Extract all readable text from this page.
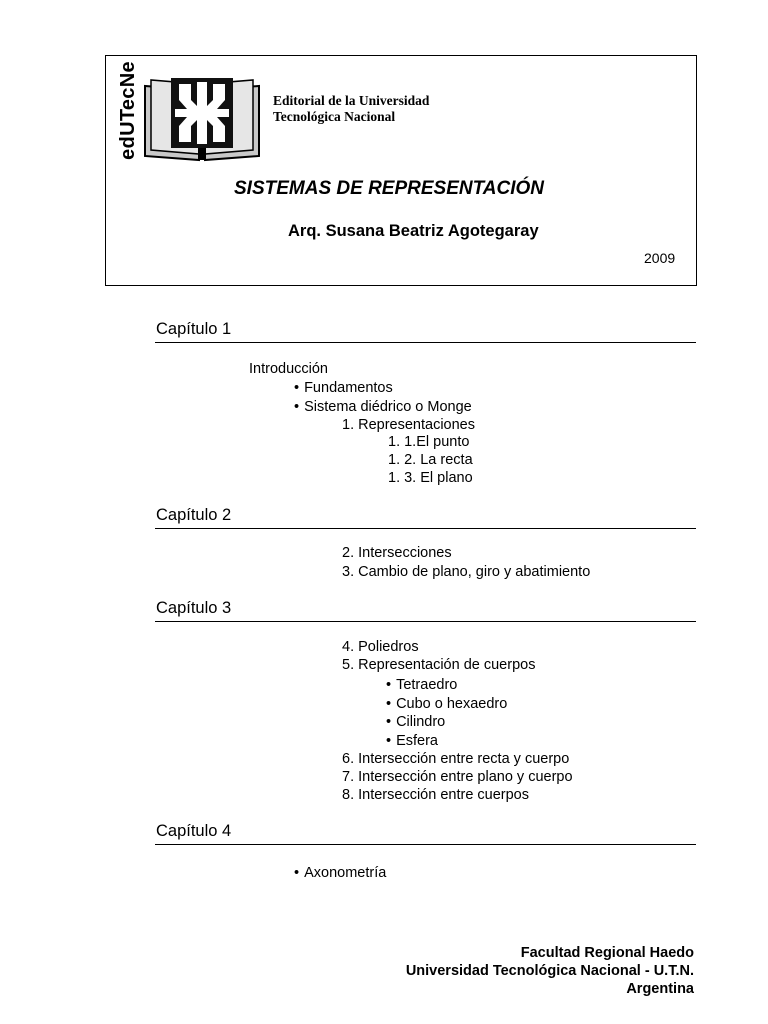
edUTecNe	Editorial de la Universidad
Tecnológica Nacional
SISTEMAS DE REPRESENTACIÓN
Arq. Susana Beatriz Agotegaray
2009
Capítulo 1
Introducción
• Fundamentos
• Sistema diédrico o Monge
1. Representaciones
1. 1.El punto
1. 2. La recta
1. 3. El plano
Capítulo 2
2. Intersecciones
3. Cambio de plano, giro y abatimiento
Capítulo 3
4. Poliedros
5. Representación de cuerpos
• Tetraedro
• Cubo o hexaedro
• Cilindro
• Esfera
6. Intersección entre recta y cuerpo
7. Intersección entre plano y cuerpo
8. Intersección entre cuerpos
Capítulo 4
• Axonometría
Facultad Regional Haedo
Universidad Tecnológica Nacional - U.T.N.
Argentina
